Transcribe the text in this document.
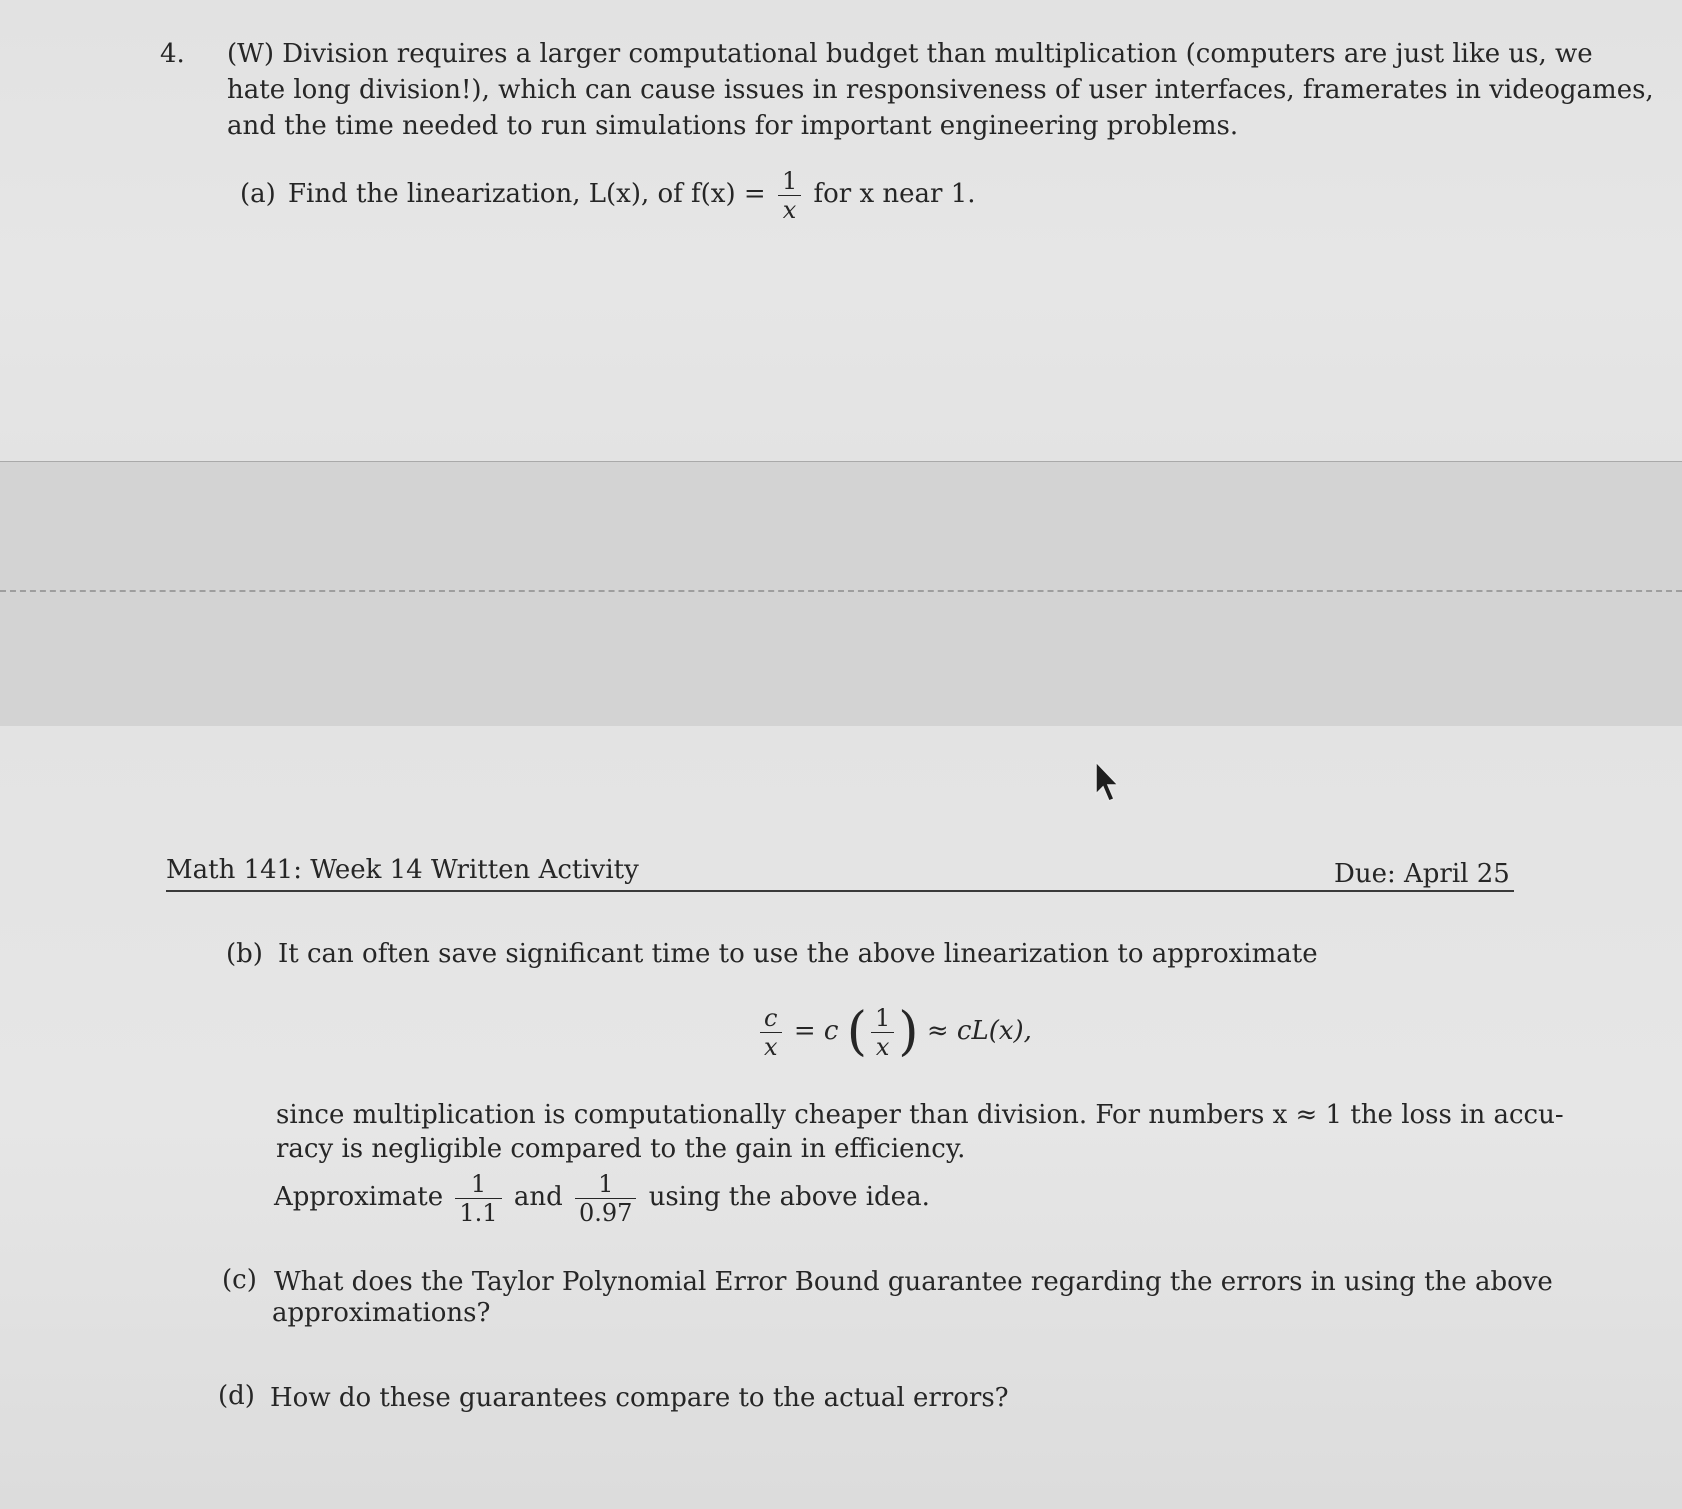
4. (W) Division requires a larger computational budget than multiplication (computers are just like us, we
hate long division!), which can cause issues in responsiveness of user interfaces, framerates in videogames,
and the time needed to run simulations for important engineering problems.
(a) Find the linearization, L(x), of $f(x) = \frac{1}{x}$ for x near 1.
Math 141: Week 14 Written Activity	Due: April 25
(b) It can often save significant time to use the above linearization to approximate
$\frac{c}{x} = c$ ( $\frac{1}{x}$ ) ≈ cL(x),
since multiplication is computationally cheaper than division. For numbers x ≈ 1 the loss in accu-
racy is negligible compared to the gain in efficiency.
Approximate $\frac{1}{1.1}$ and $\frac{1}{0.97}$ using the above idea.
(c) What does the Taylor Polynomial Error Bound guarantee regarding the errors in using the above
approximations?
(d) How do these guarantees compare to the actual errors?
